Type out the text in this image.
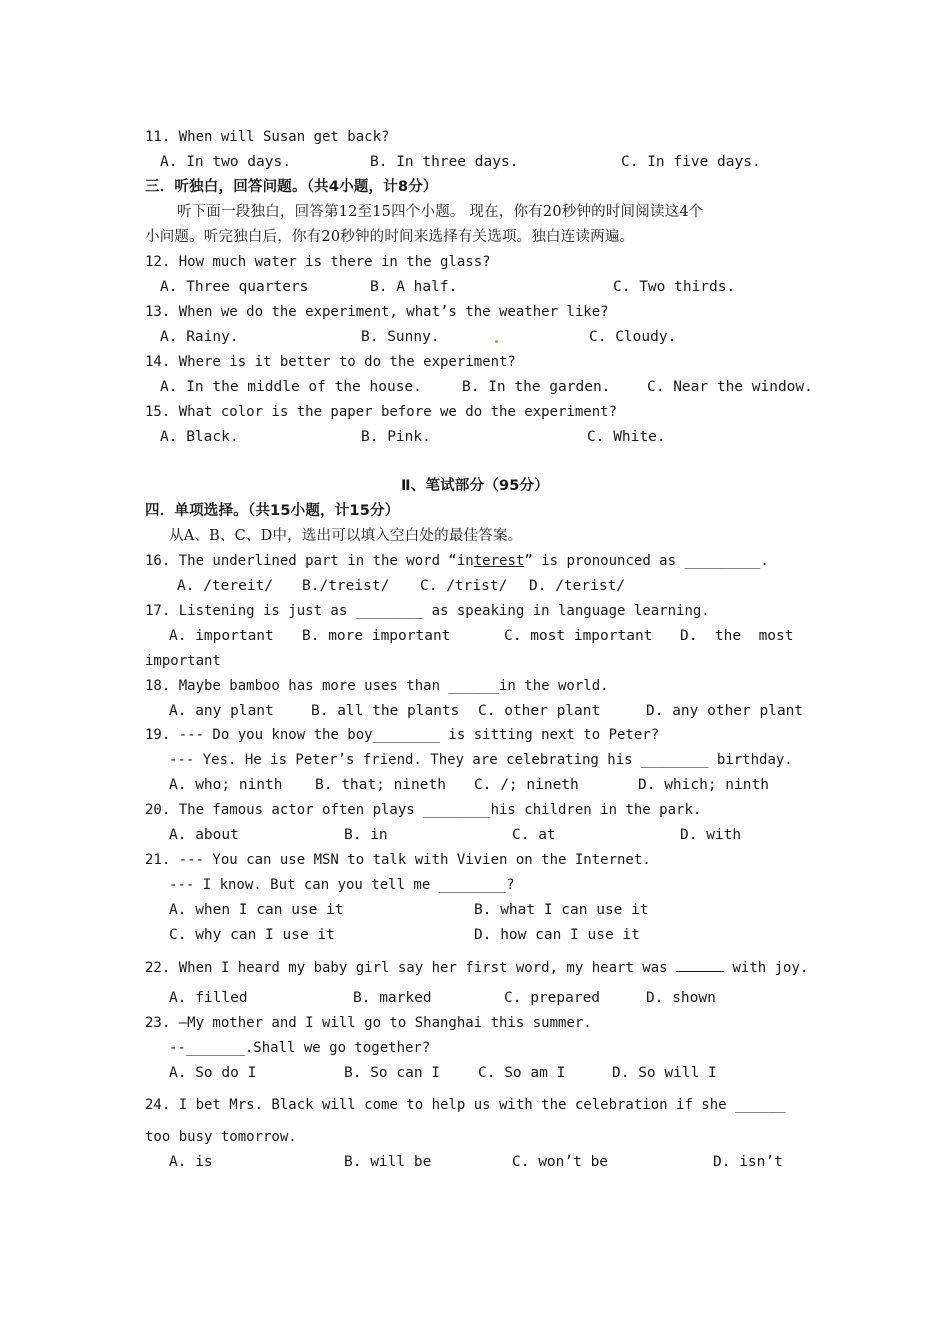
11. When will Susan get back?
A. In two days.	B. In three days.	C. In five days.
三．听独白，回答问题。（共4小题，计8分）
听下面一段独白，回答第12至15四个小题。 现在，你有20秒钟的时间阅读这4个
小问题。听完独白后，你有20秒钟的时间来选择有关选项。独白连读两遍。
12. How much water is there in the glass?
A. Three quarters	B. A half.	C. Two thirds.
13. When we do the experiment, what’s the weather like?
A. Rainy.	B. Sunny.	C. Cloudy.
14. Where is it better to do the experiment?
A. In the middle of the house.	B. In the garden.	C. Near the window.
15. What color is the paper before we do the experiment?
A. Black.	B. Pink.	C. White.
Ⅱ、笔试部分（95分）
四．单项选择。（共15小题，计15分）
从A、B、C、D中，选出可以填入空白处的最佳答案。
16. The underlined part in the word “interest” is pronounced as _________.
A. /tereit/ B./treist/ C. /trist/ D. /terist/
17. Listening is just as ________ as speaking in language learning.
A. important B. more important	C. most important D.  the  most
important
18. Maybe bamboo has more uses than ______in the world.
A. any plant	B. all the plants C. other plant	D. any other plant
19. --- Do you know the boy________ is sitting next to Peter?
--- Yes. He is Peter’s friend. They are celebrating his ________ birthday.
A. who; ninth B. that; nineth C. /; nineth	D. which; ninth
20. The famous actor often plays ________his children in the park.
A. about	B. in	C. at	D. with
21. --- You can use MSN to talk with Vivien on the Internet.
--- I know. But can you tell me ________?
A. when I can use it	B. what I can use it
C. why can I use it	D. how can I use it
22. When I heard my baby girl say her first word, my heart was	with joy.
A. filled	B. marked	C. prepared	D. shown
23. —My mother and I will go to Shanghai this summer.
--_______.Shall we go together?
A. So do I	B. So can I	C. So am I	D. So will I
24. I bet Mrs. Black will come to help us with the celebration if she ______
too busy tomorrow.
A. is	B. will be	C. won’t be	D. isn’t
